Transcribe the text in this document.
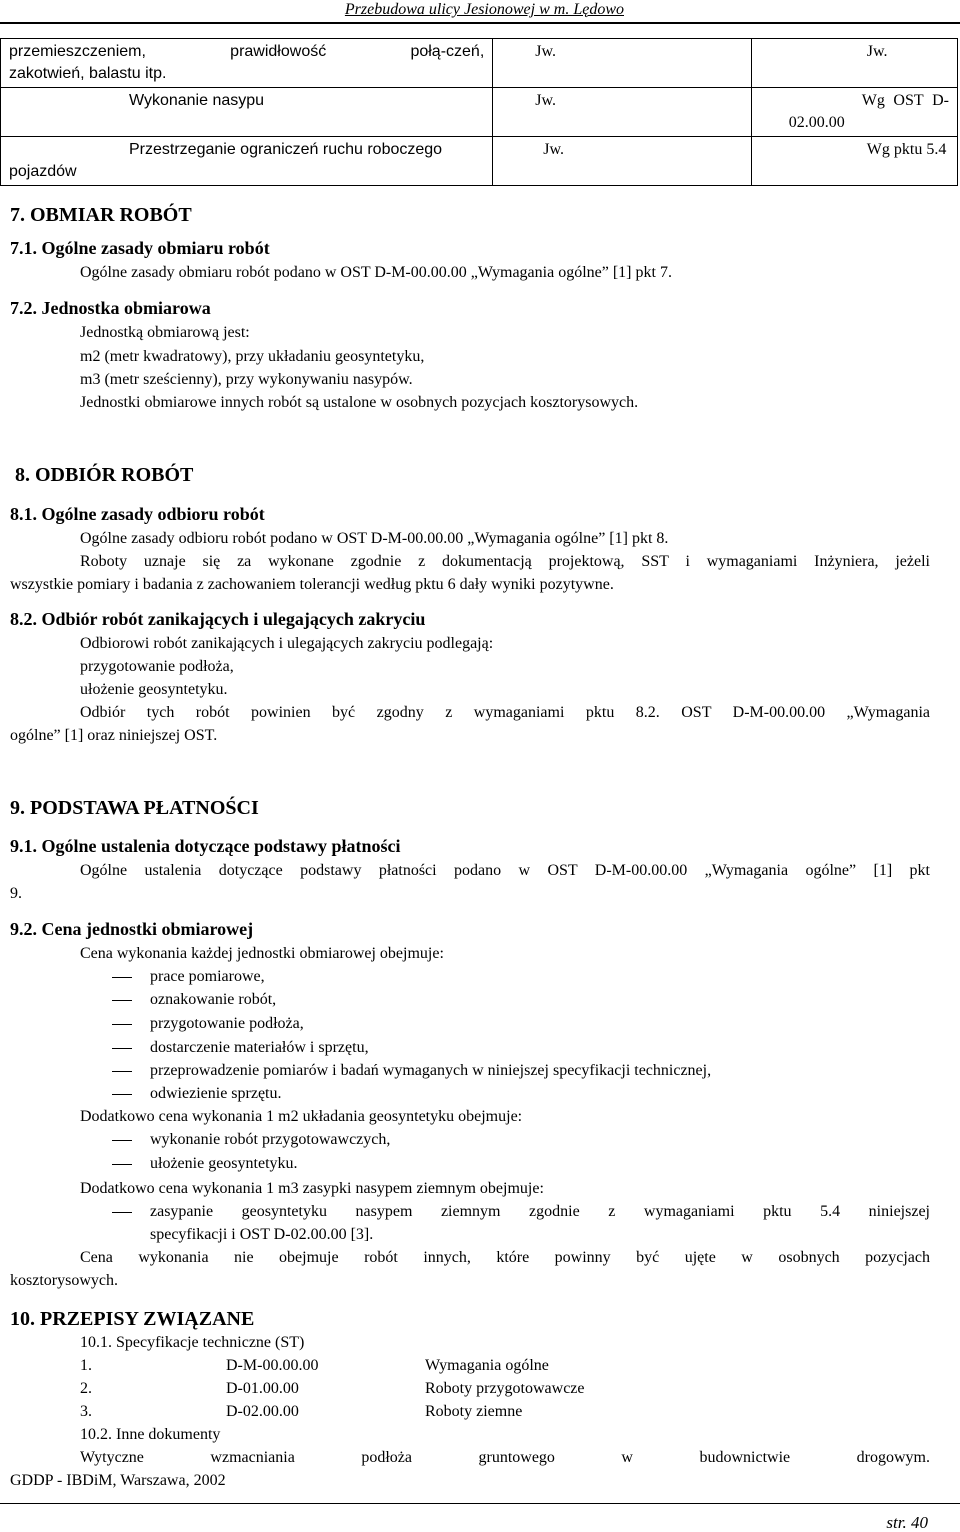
Przebudowa ulicy Jesionowej w m. Lędowo
przemieszczeniem, prawidłowość połą-czeń,
zakotwień, balastu itp.	Jw.	Jw.
Wykonanie nasypu	Jw.	Wg OST D-
02.00.00

Przestrzeganie ograniczeń ruchu roboczego
pojazdów	Jw.	Wg pktu 5.4
7. OBMIAR ROBÓT
7.1. Ogólne zasady obmiaru robót
Ogólne zasady obmiaru robót podano w OST D-M-00.00.00 „Wymagania ogólne” [1] pkt 7.
7.2. Jednostka obmiarowa
Jednostką obmiarową jest:
m2 (metr kwadratowy), przy układaniu geosyntetyku,
m3 (metr sześcienny), przy wykonywaniu nasypów.
Jednostki obmiarowe innych robót są ustalone w osobnych pozycjach kosztorysowych.
8. ODBIÓR ROBÓT
8.1. Ogólne zasady odbioru robót
Ogólne zasady odbioru robót podano w OST D-M-00.00.00 „Wymagania ogólne” [1] pkt 8.
Roboty uznaje się za wykonane zgodnie z dokumentacją projektową, SST i wymaganiami Inżyniera, jeżeli
wszystkie pomiary i badania z zachowaniem tolerancji według pktu 6 dały wyniki pozytywne.
8.2. Odbiór robót zanikających i ulegających zakryciu
Odbiorowi robót zanikających i ulegających zakryciu podlegają:
przygotowanie podłoża,
ułożenie geosyntetyku.
Odbiór tych robót powinien być zgodny z wymaganiami pktu 8.2. OST D-M-00.00.00 „Wymagania
ogólne” [1] oraz niniejszej OST.
9. PODSTAWA PŁATNOŚCI
9.1. Ogólne ustalenia dotyczące podstawy płatności
Ogólne ustalenia dotyczące podstawy płatności podano w OST D-M-00.00.00 „Wymagania ogólne” [1] pkt
9.
9.2. Cena jednostki obmiarowej
Cena wykonania każdej jednostki obmiarowej obejmuje:
prace pomiarowe,
oznakowanie robót,
przygotowanie podłoża,
dostarczenie materiałów i sprzętu,
przeprowadzenie pomiarów i badań wymaganych w niniejszej specyfikacji technicznej,
odwiezienie sprzętu.
Dodatkowo cena wykonania 1 m2 układania geosyntetyku obejmuje:
wykonanie robót przygotowawczych,
ułożenie geosyntetyku.
Dodatkowo cena wykonania 1 m3 zasypki nasypem ziemnym obejmuje:
zasypanie geosyntetyku nasypem ziemnym zgodnie z wymaganiami pktu 5.4 niniejszej
specyfikacji i OST D-02.00.00 [3].
Cena wykonania nie obejmuje robót innych, które powinny być ujęte w osobnych pozycjach
kosztorysowych.
10. PRZEPISY ZWIĄZANE
10.1. Specyfikacje techniczne (ST)
1.	D-M-00.00.00	Wymagania ogólne
2.	D-01.00.00	Roboty przygotowawcze
3.	D-02.00.00	Roboty ziemne
10.2. Inne dokumenty
Wytyczne wzmacniania podłoża gruntowego w budownictwie drogowym.
GDDP - IBDiM, Warszawa, 2002
str. 40
